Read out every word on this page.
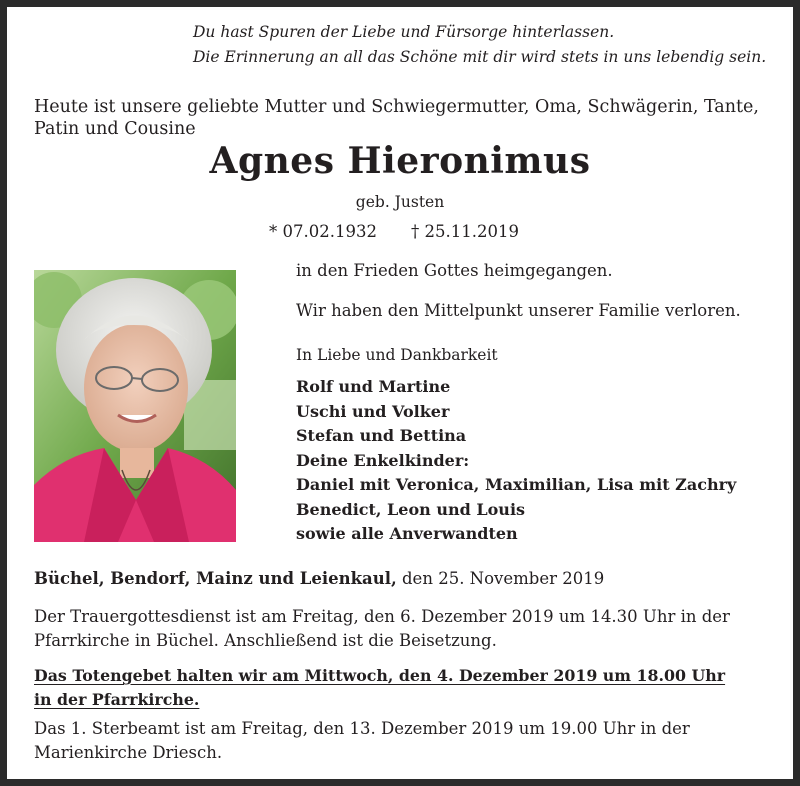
Du hast Spuren der Liebe und Fürsorge hinterlassen.
Die Erinnerung an all das Schöne mit dir wird stets in uns lebendig sein.
Heute ist unsere geliebte Mutter und Schwiegermutter, Oma, Schwägerin, Tante,
Patin und Cousine
Agnes Hieronimus
geb. Justen
* 07.02.1932 † 25.11.2019
in den Frieden Gottes heimgegangen.
Wir haben den Mittelpunkt unserer Familie verloren.
In Liebe und Dankbarkeit
Rolf und Martine
Uschi und Volker
Stefan und Bettina
Deine Enkelkinder:
Daniel mit Veronica, Maximilian, Lisa mit Zachry
Benedict, Leon und Louis
sowie alle Anverwandten
Büchel, Bendorf, Mainz und Leienkaul, den 25. November 2019
Der Trauergottesdienst ist am Freitag, den 6. Dezember 2019 um 14.30 Uhr in der
Pfarrkirche in Büchel. Anschließend ist die Beisetzung.
Das Totengebet halten wir am Mittwoch, den 4. Dezember 2019 um 18.00 Uhr
in der Pfarrkirche.
Das 1. Sterbeamt ist am Freitag, den 13. Dezember 2019 um 19.00 Uhr in der
Marienkirche Driesch.
